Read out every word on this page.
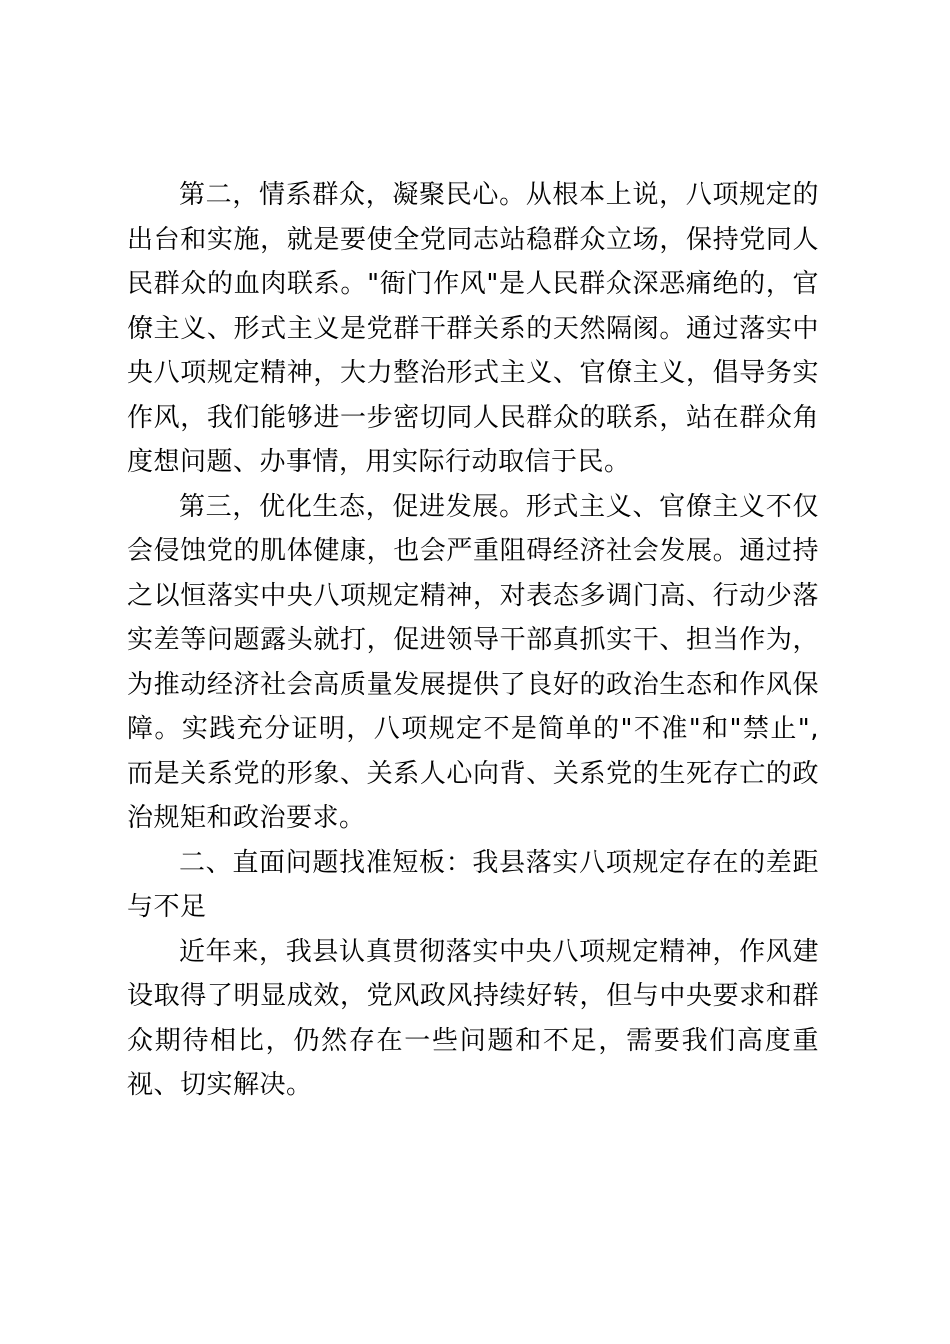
第二，情系群众，凝聚民心。从根本上说，八项规定的出台和实施，就是要使全党同志站稳群众立场，保持党同人民群众的血肉联系。"衙门作风"是人民群众深恶痛绝的，官僚主义、形式主义是党群干群关系的天然隔阂。通过落实中央八项规定精神，大力整治形式主义、官僚主义，倡导务实作风，我们能够进一步密切同人民群众的联系，站在群众角度想问题、办事情，用实际行动取信于民。

第三，优化生态，促进发展。形式主义、官僚主义不仅会侵蚀党的肌体健康，也会严重阻碍经济社会发展。通过持之以恒落实中央八项规定精神，对表态多调门高、行动少落实差等问题露头就打，促进领导干部真抓实干、担当作为，为推动经济社会高质量发展提供了良好的政治生态和作风保障。实践充分证明，八项规定不是简单的"不准"和"禁止",而是关系党的形象、关系人心向背、关系党的生死存亡的政治规矩和政治要求。

二、直面问题找准短板：我县落实八项规定存在的差距与不足

近年来，我县认真贯彻落实中央八项规定精神，作风建设取得了明显成效，党风政风持续好转，但与中央要求和群众期待相比，仍然存在一些问题和不足，需要我们高度重视、切实解决。
